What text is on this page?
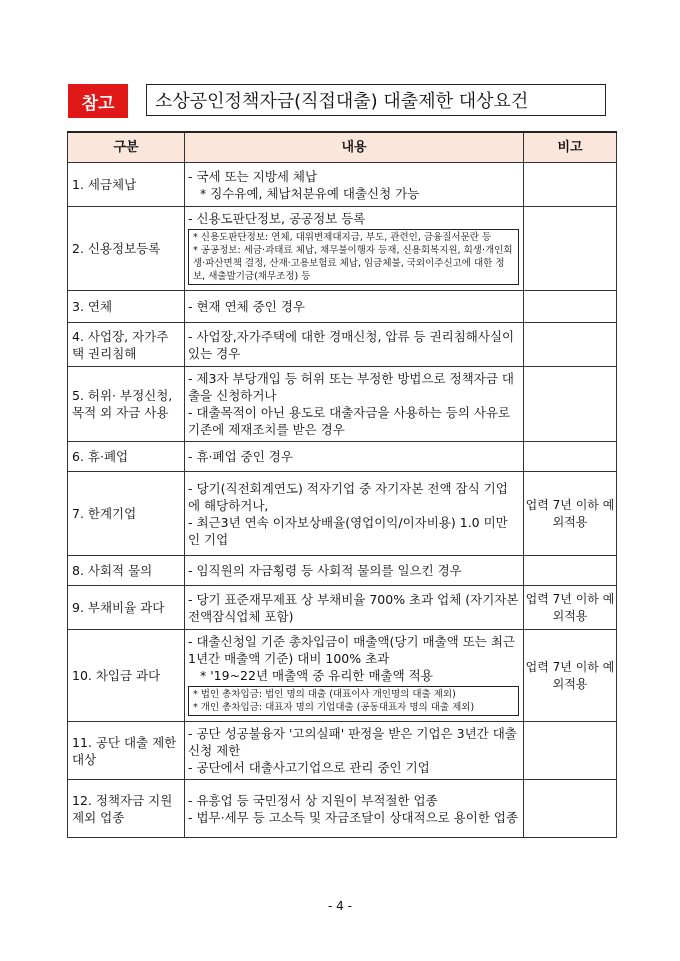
참고	소상공인정책자금(직접대출) 대출제한 대상요건
구분	내용	비고
1. 세금체납	- 국세 또는 지방세 체납
* 징수유예, 체납처분유예 대출신청 가능	

2. 신용정보등록	- 신용도판단정보, 공공정보 등록
* 신용도판단정보: 연체, 대위변제대지급, 부도, 관련인, 금융질서문란 등
* 공공정보: 세금·과태료 체납, 채무불이행자 등재, 신용회복지원, 회생·개인회생·파산면책 결정, 산재·고용보험료 체납, 임금체불, 국외이주신고에 대한 정보, 새출발기금(채무조정) 등	

3. 연체	- 현재 연체 중인 경우	

4. 사업장, 자가주택 권리침해	- 사업장,자가주택에 대한 경매신청, 압류 등 권리침해사실이 있는 경우	

5. 허위· 부정신청, 목적 외 자금 사용	- 제3자 부당개입 등 허위 또는 부정한 방법으로 정책자금 대출을 신청하거나
- 대출목적이 아닌 용도로 대출자금을 사용하는 등의 사유로 기존에 제재조치를 받은 경우	

6. 휴·폐업	- 휴·폐업 중인 경우	

7. 한계기업	- 당기(직전회계연도) 적자기업 중 자기자본 전액 잠식 기업에 해당하거나,
- 최근3년 연속 이자보상배율(영업이익/이자비용) 1.0 미만인 기업	업력 7년 이하 예외적용
8. 사회적 물의	- 임직원의 자금횡령 등 사회적 물의를 일으킨 경우	

9. 부채비율 과다	- 당기 표준재무제표 상 부채비율 700% 초과 업체 (자기자본 전액잠식업체 포함)	업력 7년 이하 예외적용
10. 차입금 과다	- 대출신청일 기준 총차입금이 매출액(당기 매출액 또는 최근 1년간 매출액 기준) 대비 100% 초과
* '19~22년 매출액 중 유리한 매출액 적용
* 법인 총차입금: 법인 명의 대출 (대표이사 개인명의 대출 제외)
* 개인 총차입금: 대표자 명의 기업대출 (공동대표자 명의 대출 제외)	업력 7년 이하 예외적용
11. 공단 대출 제한대상	- 공단 성공불융자 '고의실패' 판정을 받은 기업은 3년간 대출신청 제한
- 공단에서 대출사고기업으로 관리 중인 기업	

12. 정책자금 지원 제외 업종	- 유흥업 등 국민정서 상 지원이 부적절한 업종
- 법무·세무 등 고소득 및 자금조달이 상대적으로 용이한 업종	

- 4 -
